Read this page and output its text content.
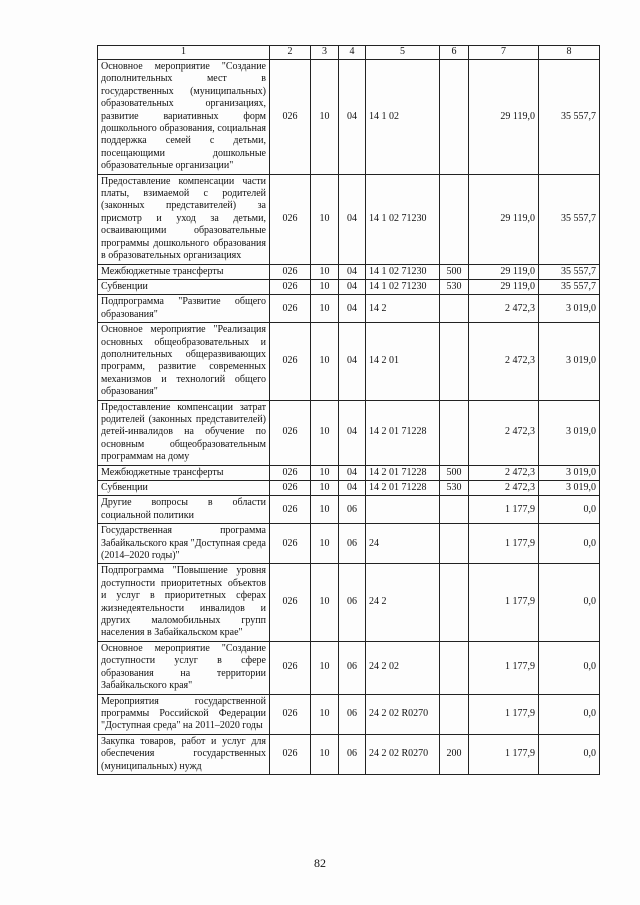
1	2	3	4	5	6	7	8
Основное мероприятие "Создание дополнительных мест в государственных (муниципальных) образовательных организациях, развитие вариативных форм дошкольного образования, социальная поддержка семей с детьми, посещающими дошкольные образовательные организации"	026	10	04	14 1 02		29 119,0	35 557,7
Предоставление компенсации части платы, взимаемой с родителей (законных представителей) за присмотр и уход за детьми, осваивающими образовательные программы дошкольного образования в образовательных организациях	026	10	04	14 1 02 71230		29 119,0	35 557,7
Межбюджетные трансферты	026	10	04	14 1 02 71230	500	29 119,0	35 557,7
Субвенции	026	10	04	14 1 02 71230	530	29 119,0	35 557,7
Подпрограмма "Развитие общего образования"	026	10	04	14 2		2 472,3	3 019,0
Основное мероприятие "Реализация основных общеобразовательных и дополнительных общеразвивающих программ, развитие современных механизмов и технологий общего образования"	026	10	04	14 2 01		2 472,3	3 019,0
Предоставление компенсации затрат родителей (законных представителей) детей-инвалидов на обучение по основным общеобразовательным программам на дому	026	10	04	14 2 01 71228		2 472,3	3 019,0
Межбюджетные трансферты	026	10	04	14 2 01 71228	500	2 472,3	3 019,0
Субвенции	026	10	04	14 2 01 71228	530	2 472,3	3 019,0
Другие вопросы в области социальной политики	026	10	06			1 177,9	0,0
Государственная программа Забайкальского края "Доступная среда (2014–2020 годы)"	026	10	06	24		1 177,9	0,0
Подпрограмма "Повышение уровня доступности приоритетных объектов и услуг в приоритетных сферах жизнедеятельности инвалидов и других маломобильных групп населения в Забайкальском крае"	026	10	06	24 2		1 177,9	0,0
Основное мероприятие "Создание доступности услуг в сфере образования на территории Забайкальского края"	026	10	06	24 2 02		1 177,9	0,0
Мероприятия государственной программы Российской Федерации "Доступная среда" на 2011–2020 годы	026	10	06	24 2 02 R0270		1 177,9	0,0
Закупка товаров, работ и услуг для обеспечения государственных (муниципальных) нужд	026	10	06	24 2 02 R0270	200	1 177,9	0,0
82
